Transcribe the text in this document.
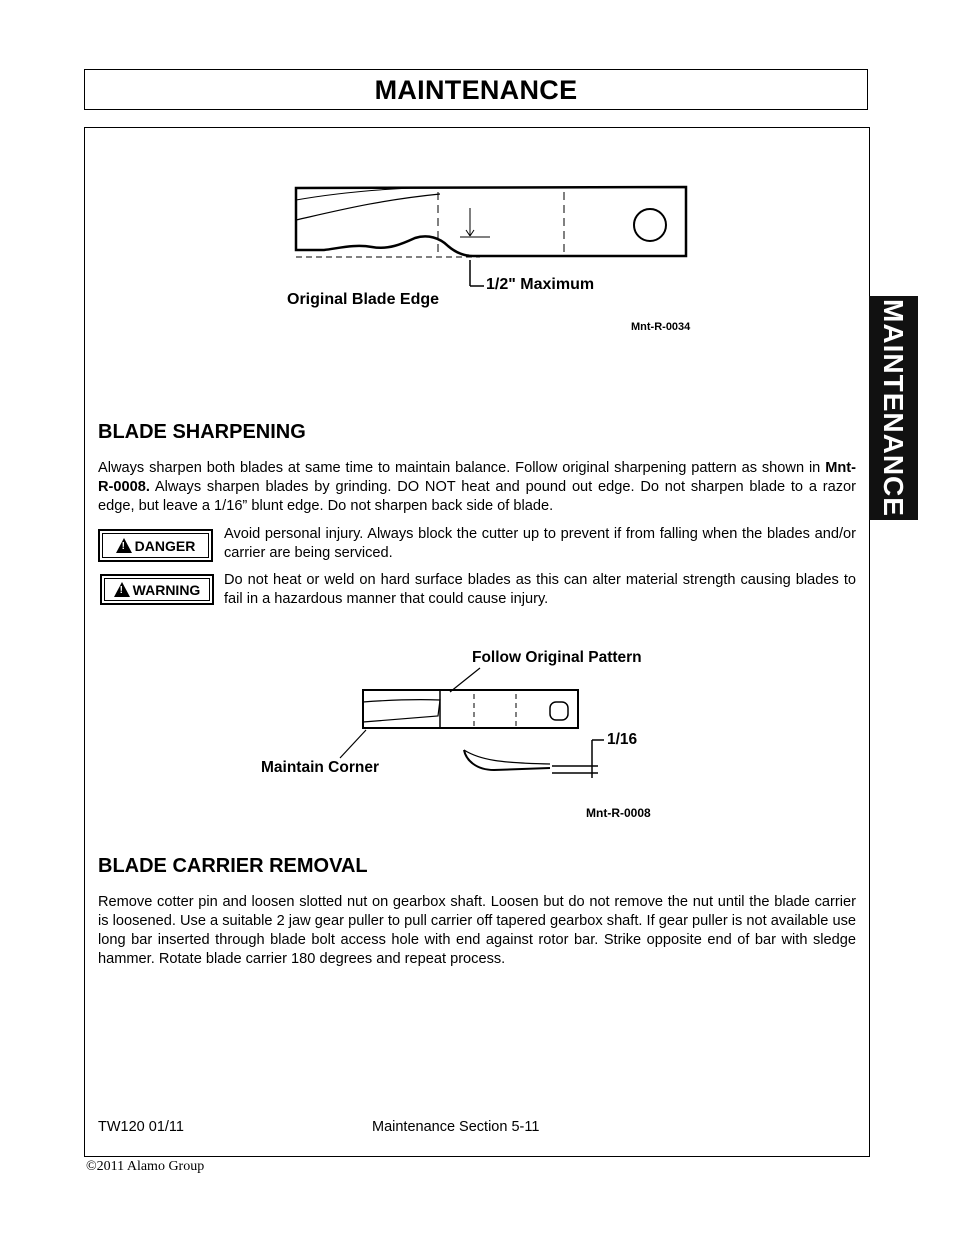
MAINTENANCE
MAINTENANCE
Original Blade Edge
1/2" Maximum
Mnt-R-0034
BLADE SHARPENING
Always sharpen both blades at same time to maintain balance. Follow original sharpening pattern as shown in Mnt-R-0008. Always sharpen blades by grinding. DO NOT heat and pound out edge. Do not sharpen blade to a razor edge, but leave a 1/16” blunt edge. Do not sharpen back side of blade.
! DANGER
Avoid personal injury. Always block the cutter up to prevent if from falling when the blades and/or carrier are being serviced.
! WARNING
Do not heat or weld on hard surface blades as this can alter material strength causing blades to fail in a hazardous manner that could cause injury.
Follow Original Pattern
Maintain Corner
1/16
Mnt-R-0008
BLADE CARRIER REMOVAL
Remove cotter pin and loosen slotted nut on gearbox shaft. Loosen but do not remove the nut until the blade carrier is loosened. Use a suitable 2 jaw gear puller to pull carrier off tapered gearbox shaft. If gear puller is not available use long bar inserted through blade bolt access hole with end against rotor bar. Strike opposite end of bar with sledge hammer. Rotate blade carrier 180 degrees and repeat process.
TW120 01/11	Maintenance Section 5-11
©2011 Alamo Group
